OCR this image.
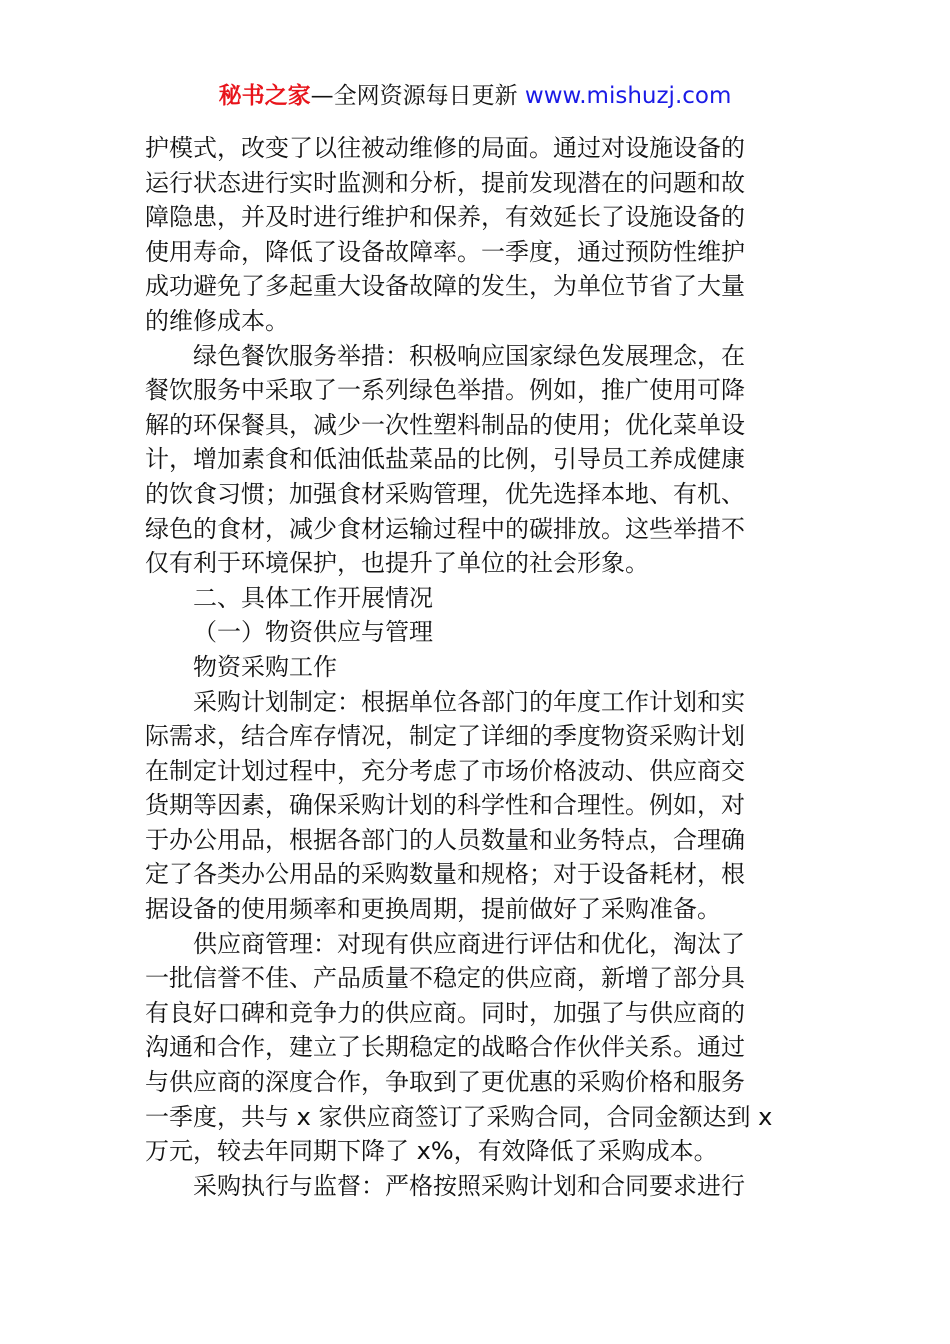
秘书之家—全网资源每日更新 www.mishuzj.com
护模式，改变了以往被动维修的局面。通过对设施设备的
运行状态进行实时监测和分析，提前发现潜在的问题和故
障隐患，并及时进行维护和保养，有效延长了设施设备的
使用寿命，降低了设备故障率。一季度，通过预防性维护
成功避免了多起重大设备故障的发生，为单位节省了大量
的维修成本。
绿色餐饮服务举措：积极响应国家绿色发展理念，在
餐饮服务中采取了一系列绿色举措。例如，推广使用可降
解的环保餐具，减少一次性塑料制品的使用；优化菜单设
计，增加素食和低油低盐菜品的比例，引导员工养成健康
的饮食习惯；加强食材采购管理，优先选择本地、有机、
绿色的食材，减少食材运输过程中的碳排放。这些举措不
仅有利于环境保护，也提升了单位的社会形象。
二、具体工作开展情况
（一）物资供应与管理
物资采购工作
采购计划制定：根据单位各部门的年度工作计划和实
际需求，结合库存情况，制定了详细的季度物资采购计划
在制定计划过程中，充分考虑了市场价格波动、供应商交
货期等因素，确保采购计划的科学性和合理性。例如，对
于办公用品，根据各部门的人员数量和业务特点，合理确
定了各类办公用品的采购数量和规格；对于设备耗材，根
据设备的使用频率和更换周期，提前做好了采购准备。
供应商管理：对现有供应商进行评估和优化，淘汰了
一批信誉不佳、产品质量不稳定的供应商，新增了部分具
有良好口碑和竞争力的供应商。同时，加强了与供应商的
沟通和合作，建立了长期稳定的战略合作伙伴关系。通过
与供应商的深度合作，争取到了更优惠的采购价格和服务
一季度，共与 x 家供应商签订了采购合同，合同金额达到 x
万元，较去年同期下降了 x%，有效降低了采购成本。
采购执行与监督：严格按照采购计划和合同要求进行
